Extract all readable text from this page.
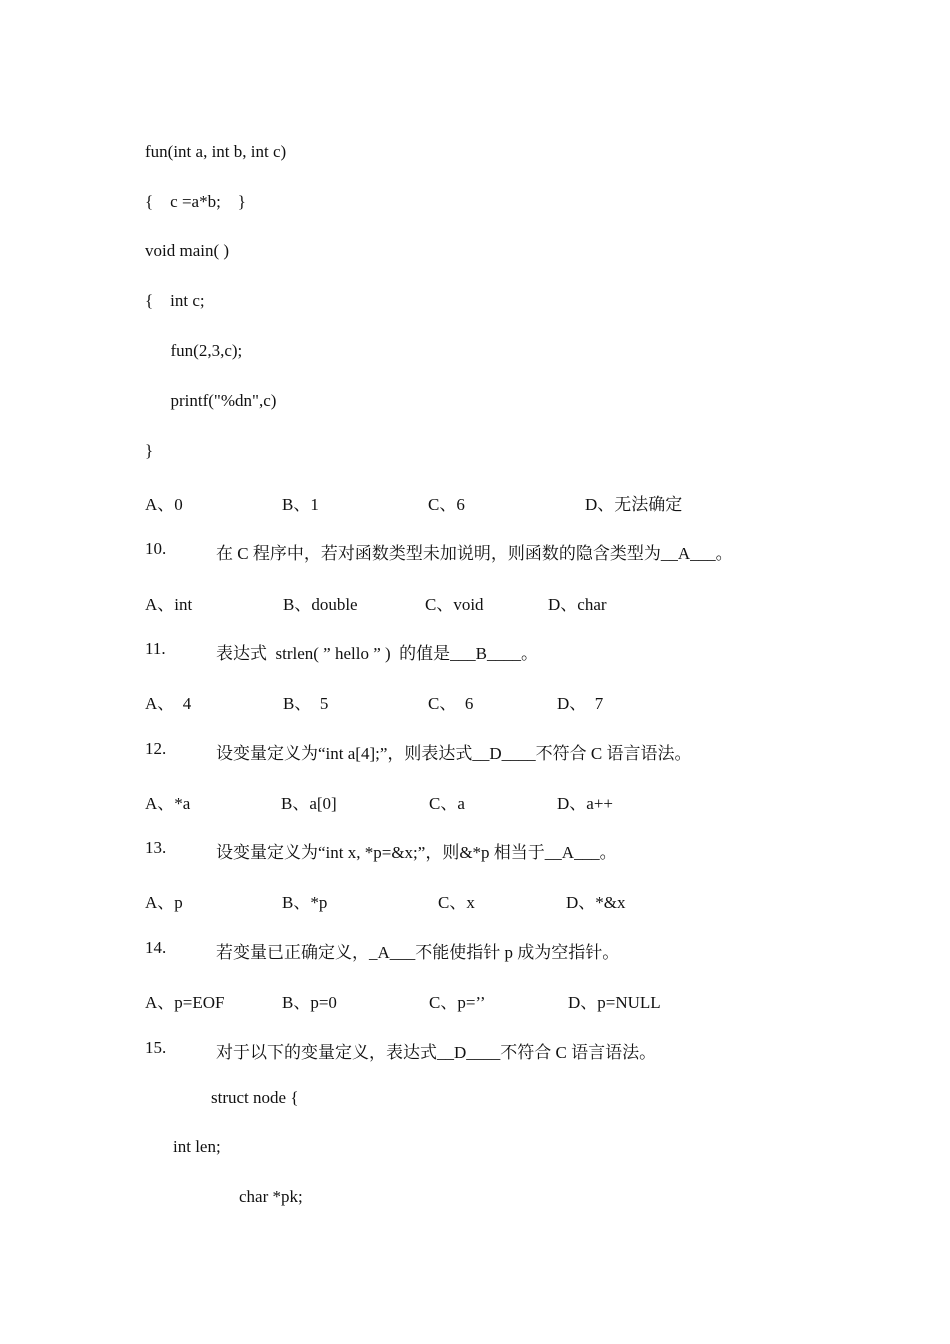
fun(int a, int b, int c)
{    c =a*b;    }
void main( )
{    int c;
fun(2,3,c);
printf("%dn",c)
}
A、0	B、1	C、6	D、无法确定
10.	在 C 程序中，若对函数类型未加说明，则函数的隐含类型为__A___。
A、int	B、double	C、void	D、char
11.	表达式  strlen( ” hello ” )  的值是___B____。
A、  4	B、  5	C、  6	D、  7
12.	设变量定义为“int a[4];”，则表达式__D____不符合 C 语言语法。
A、*a	B、a[0]	C、a	D、a++
13.	设变量定义为“int x, *p=&x;”，则&*p 相当于__A___。
A、p	B、*p	C、x	D、*&x
14.	若变量已正确定义，_A___不能使指针 p 成为空指针。
A、p=EOF	B、p=0	C、p=’’	D、p=NULL
15.	对于以下的变量定义，表达式__D____不符合 C 语言语法。
struct node {
int len;
char *pk;
